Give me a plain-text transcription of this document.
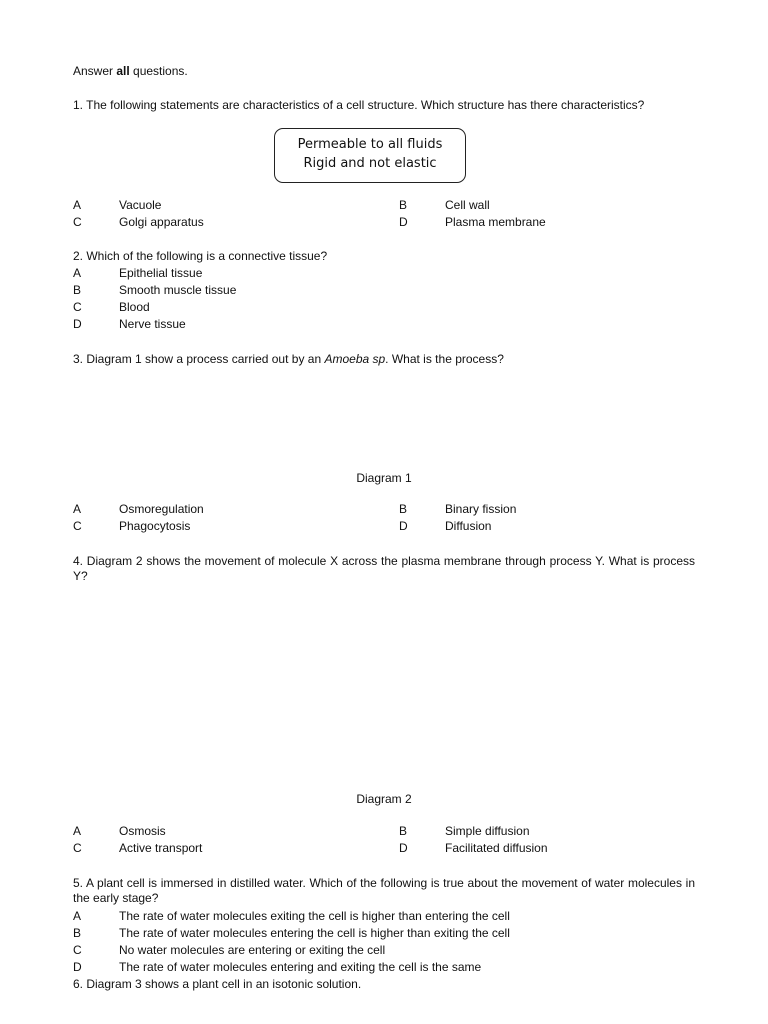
Answer all questions.
1. The following statements are characteristics of a cell structure. Which structure has there characteristics?
Permeable to all fluids
Rigid and not elastic
A	Vacuole	B	Cell wall
C	Golgi apparatus	D	Plasma membrane
2. Which of the following is a connective tissue?
A	Epithelial tissue
B	Smooth muscle tissue
C	Blood
D	Nerve tissue
3. Diagram 1 show a process carried out by an Amoeba sp. What is the process?
Diagram 1
A	Osmoregulation	B	Binary fission
C	Phagocytosis	D	Diffusion
4. Diagram 2 shows the movement of molecule X across the plasma membrane through process Y. What is process Y?
Diagram 2
A	Osmosis	B	Simple diffusion
C	Active transport	D	Facilitated diffusion
5. A plant cell is immersed in distilled water. Which of the following is true about the movement of water molecules in the early stage?
A	The rate of water molecules exiting the cell is higher than entering the cell
B	The rate of water molecules entering the cell is higher than exiting the cell
C	No water molecules are entering or exiting the cell
D	The rate of water molecules entering and exiting the cell is the same
6. Diagram 3 shows a plant cell in an isotonic solution.
